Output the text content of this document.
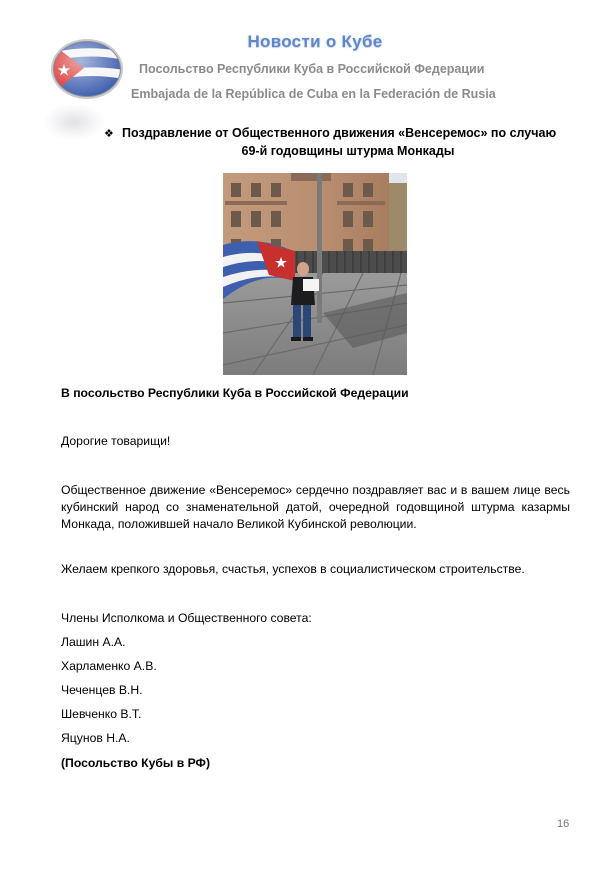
Новости о Кубе
Посольство Республики Куба в Российской Федерации
Embajada de la República de Cuba en la Federación de Rusia
❖ Поздравление от Общественного движения «Венсеремос» по случаю
69-й годовщины штурма Монкады
В посольство Республики Куба в Российской Федерации
Дорогие товарищи!
Общественное движение «Венсеремос» сердечно поздравляет вас и в вашем лице весь кубинский народ со знаменательной датой, очередной годовщиной штурма казармы Монкада, положившей начало Великой Кубинской революции.
Желаем крепкого здоровья, счастья, успехов в социалистическом строительстве.
Члены Исполкома и Общественного совета:
Лашин А.А.
Харламенко А.В.
Чеченцев В.Н.
Шевченко В.Т.
Яцунов Н.А.
(Посольство Кубы в РФ)
16
